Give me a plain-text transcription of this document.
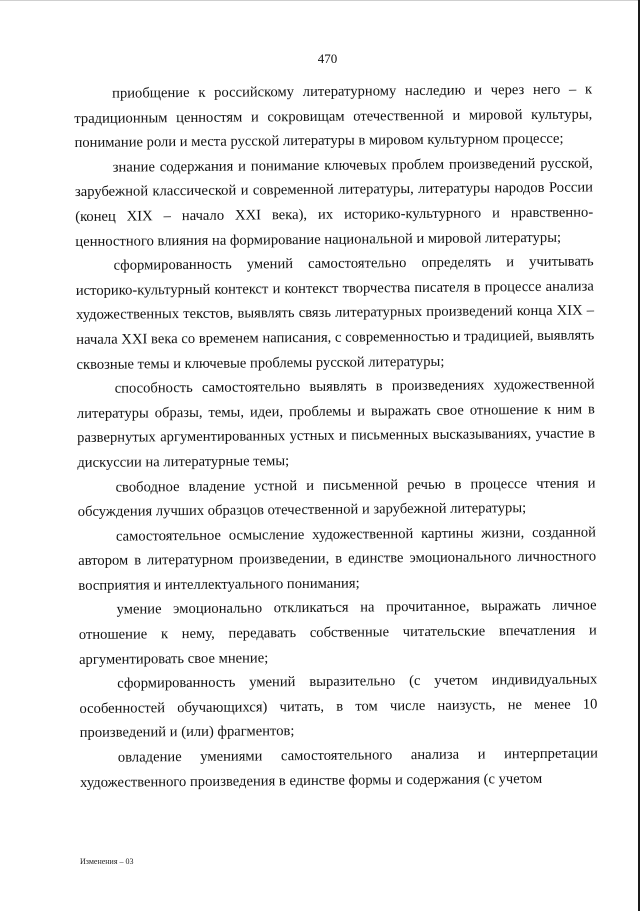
470

приобщение к российскому литературному наследию и через него – к традиционным ценностям и сокровищам отечественной и мировой культуры, понимание роли и места русской литературы в мировом культурном процессе;

знание содержания и понимание ключевых проблем произведений русской, зарубежной классической и современной литературы, литературы народов России (конец XIX – начало XXI века), их историко-культурного и нравственно-ценностного влияния на формирование национальной и мировой литературы;

сформированность умений самостоятельно определять и учитывать историко-культурный контекст и контекст творчества писателя в процессе анализа художественных текстов, выявлять связь литературных произведений конца XIX – начала XXI века со временем написания, с современностью и традицией, выявлять сквозные темы и ключевые проблемы русской литературы;

способность самостоятельно выявлять в произведениях художественной литературы образы, темы, идеи, проблемы и выражать свое отношение к ним в развернутых аргументированных устных и письменных высказываниях, участие в дискуссии на литературные темы;

свободное владение устной и письменной речью в процессе чтения и обсуждения лучших образцов отечественной и зарубежной литературы;

самостоятельное осмысление художественной картины жизни, созданной автором в литературном произведении, в единстве эмоционального личностного восприятия и интеллектуального понимания;

умение эмоционально откликаться на прочитанное, выражать личное отношение к нему, передавать собственные читательские впечатления и аргументировать свое мнение;

сформированность умений выразительно (с учетом индивидуальных особенностей обучающихся) читать, в том числе наизусть, не менее 10 произведений и (или) фрагментов;

овладение умениями самостоятельного анализа и интерпретации художественного произведения в единстве формы и содержания (с учетом

Изменения – 03
